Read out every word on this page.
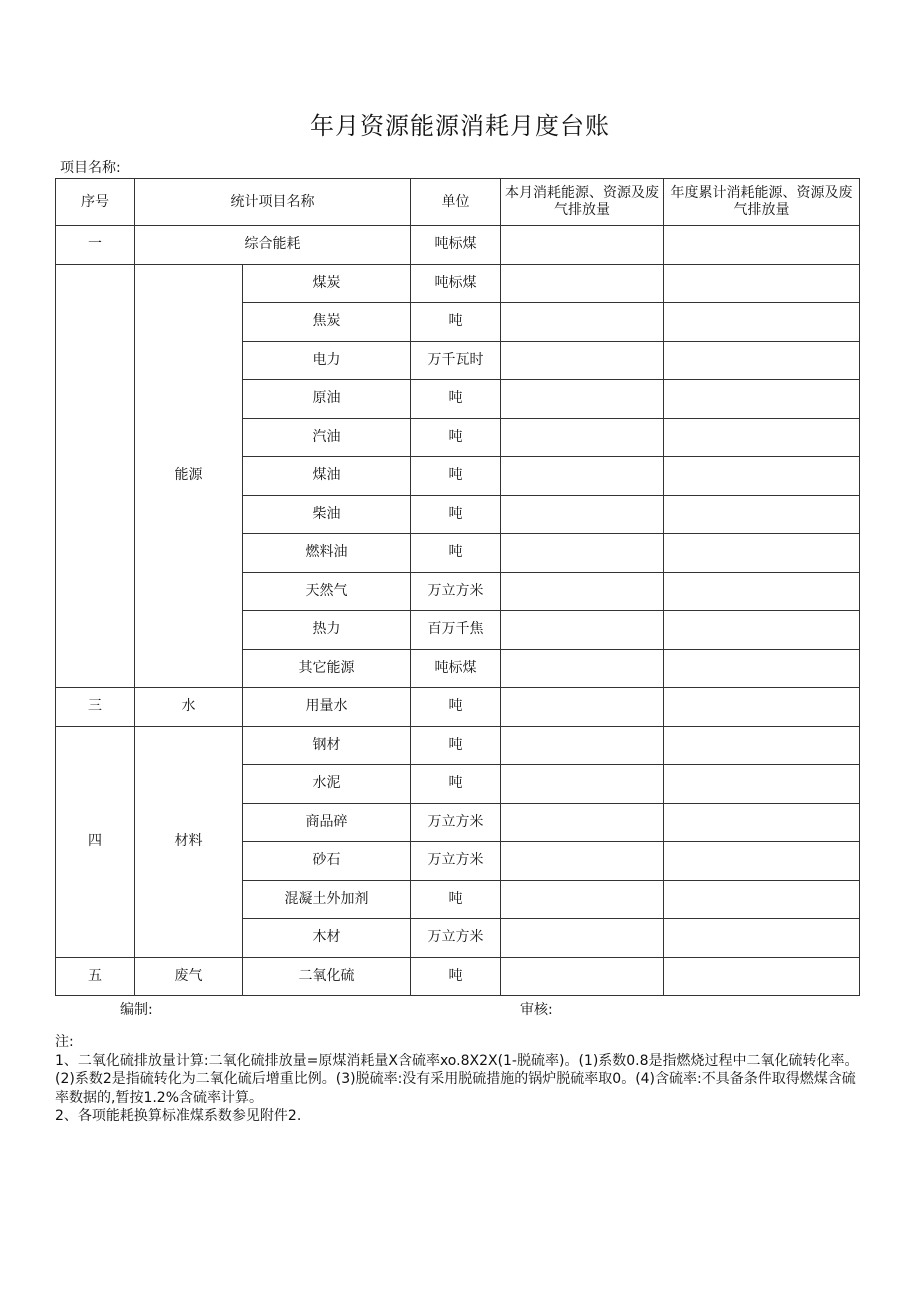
年月资源能源消耗月度台账
项目名称:
序号	统计项目名称		单位	本月消耗能源、资源及废气排放量	年度累计消耗能源、资源及废气排放量
一	综合能耗		吨标煤		
	能源	煤炭	吨标煤		
		焦炭	吨		
		电力	万千瓦时		
		原油	吨		
		汽油	吨		
		煤油	吨		
		柴油	吨		
		燃料油	吨		
		天然气	万立方米		
		热力	百万千焦		
		其它能源	吨标煤		
三	水	用量水	吨		
四	材料	钢材	吨		
		水泥	吨		
		商品碎	万立方米		
		砂石	万立方米		
		混凝土外加剂	吨		
		木材	万立方米		
五	废气	二氧化硫	吨		
编制:	审核:

注:

1、二氧化硫排放量计算:二氧化硫排放量=原煤消耗量X含硫率xo.8X2X(1-脱硫率)。(1)系数0.8是指燃烧过程中二氧化硫转化率。(2)系数2是指硫转化为二氧化硫后增重比例。(3)脱硫率:没有采用脱硫措施的锅炉脱硫率取0。(4)含硫率:不具备条件取得燃煤含硫率数据的,暂按1.2%含硫率计算。

2、各项能耗换算标准煤系数参见附件2.
